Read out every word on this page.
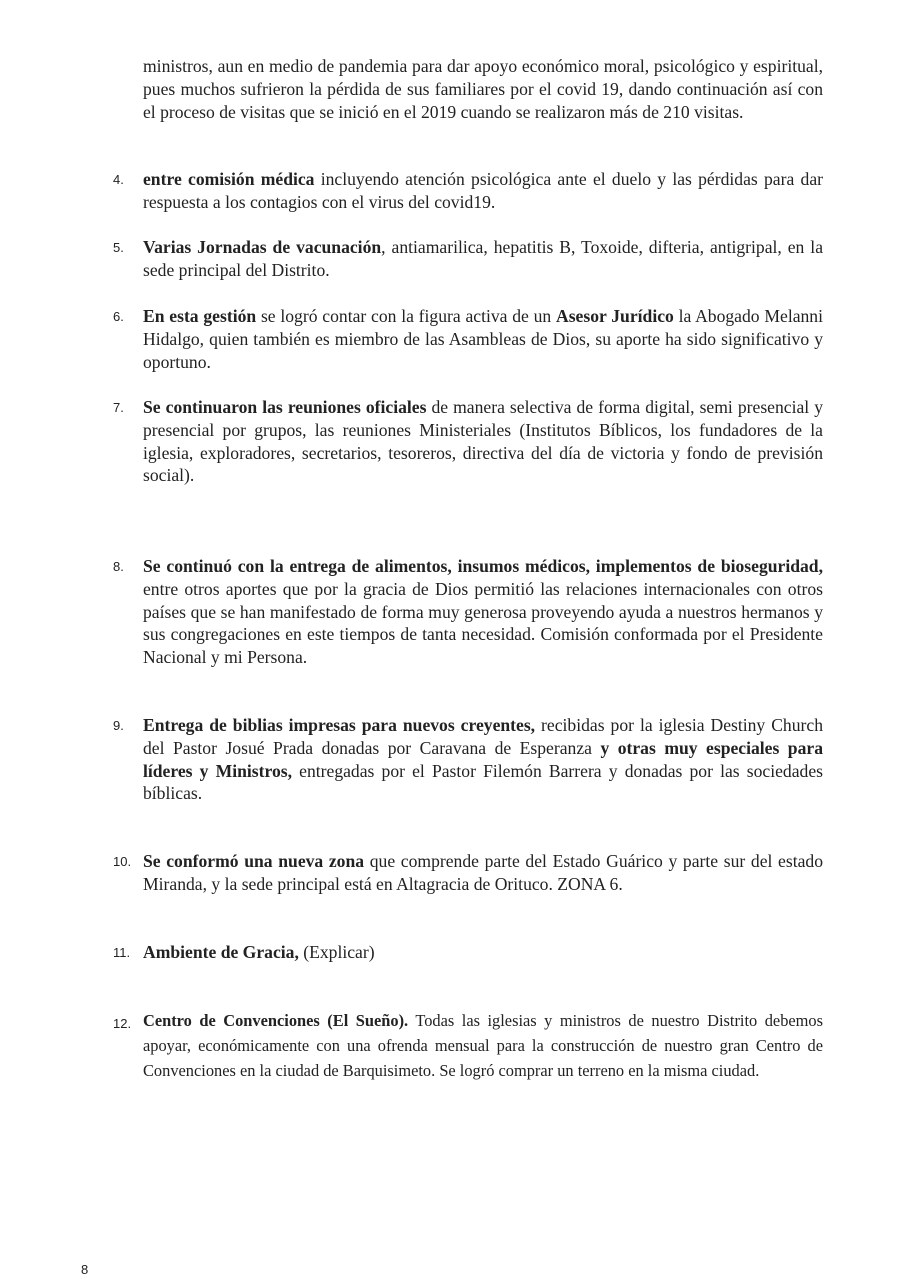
ministros, aun en medio de pandemia para dar apoyo económico moral, psicológico y espiritual, pues muchos sufrieron la pérdida de sus familiares por el covid 19, dando continuación así con el proceso de visitas que se inició en el 2019 cuando se realizaron más de 210 visitas.
4. entre comisión médica incluyendo atención psicológica ante el duelo y las pérdidas para dar respuesta a los contagios con el virus del covid19.
5. Varias Jornadas de vacunación, antiamarilica, hepatitis B, Toxoide, difteria, antigripal, en la sede principal del Distrito.
6. En esta gestión se logró contar con la figura activa de un Asesor Jurídico la Abogado Melanni Hidalgo, quien también es miembro de las Asambleas de Dios, su aporte ha sido significativo y oportuno.
7. Se continuaron las reuniones oficiales de manera selectiva de forma digital, semi presencial y presencial por grupos, las reuniones Ministeriales (Institutos Bíblicos, los fundadores de la iglesia, exploradores, secretarios, tesoreros, directiva del día de victoria y fondo de previsión social).
8. Se continuó con la entrega de alimentos, insumos médicos, implementos de bioseguridad, entre otros aportes que por la gracia de Dios permitió las relaciones internacionales con otros países que se han manifestado de forma muy generosa proveyendo ayuda a nuestros hermanos y sus congregaciones en este tiempos de tanta necesidad. Comisión conformada por el Presidente Nacional y mi Persona.
9. Entrega de biblias impresas para nuevos creyentes, recibidas por la iglesia Destiny Church del Pastor Josué Prada donadas por Caravana de Esperanza y otras muy especiales para líderes y Ministros, entregadas por el Pastor Filemón Barrera y donadas por las sociedades bíblicas.
10. Se conformó una nueva zona que comprende parte del Estado Guárico y parte sur del estado Miranda, y la sede principal está en Altagracia de Orituco. ZONA 6.
11. Ambiente de Gracia, (Explicar)
12. Centro de Convenciones (El Sueño). Todas las iglesias y ministros de nuestro Distrito debemos apoyar, económicamente con una ofrenda mensual para la construcción de nuestro gran Centro de Convenciones en la ciudad de Barquisimeto. Se logró comprar un terreno en la misma ciudad.
8
